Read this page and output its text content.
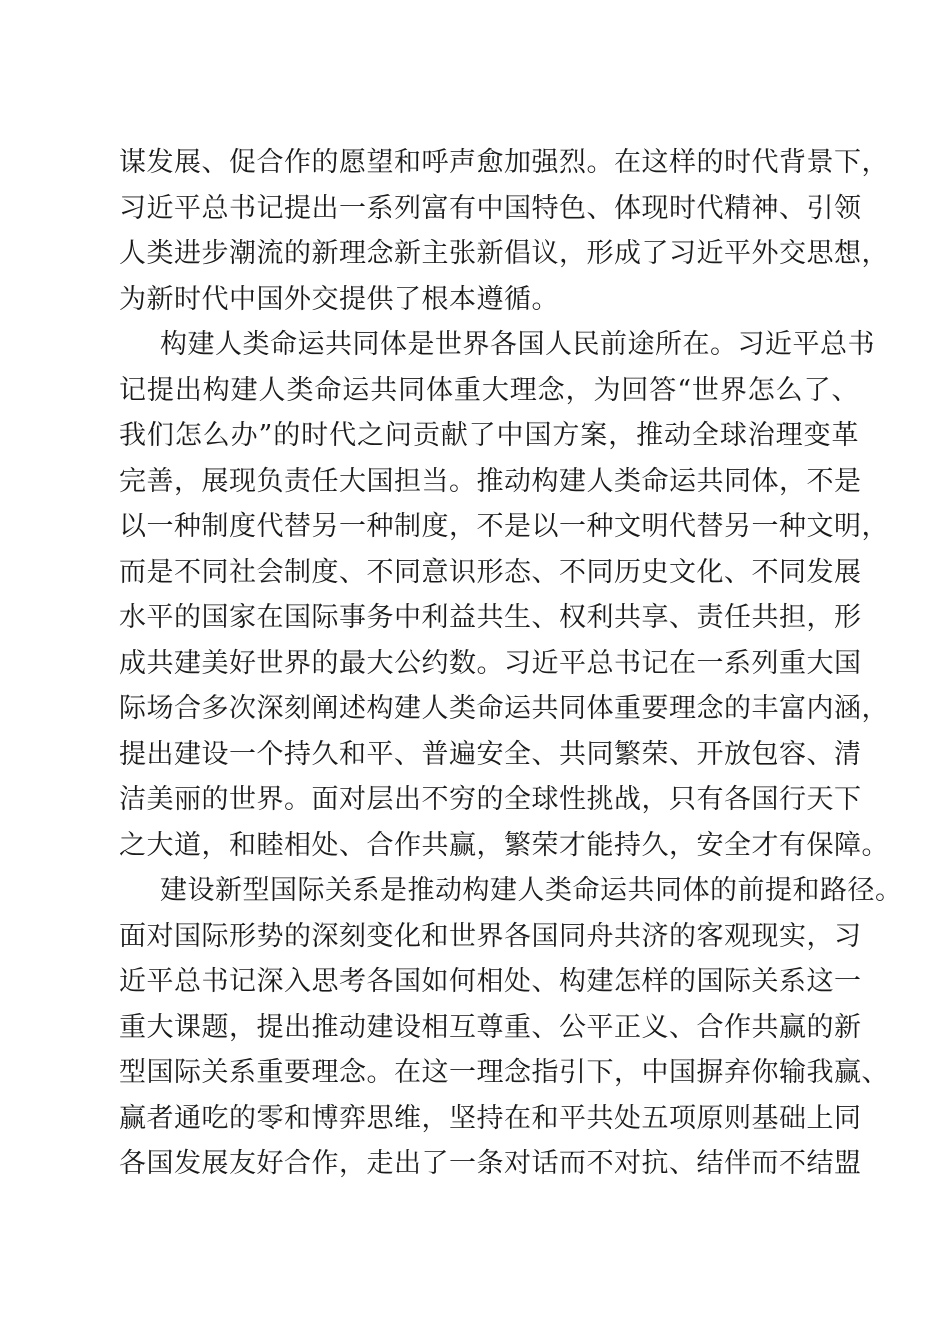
谋发展、促合作的愿望和呼声愈加强烈。在这样的时代背景下，
习近平总书记提出一系列富有中国特色、体现时代精神、引领
人类进步潮流的新理念新主张新倡议，形成了习近平外交思想，
为新时代中国外交提供了根本遵循。
构建人类命运共同体是世界各国人民前途所在。习近平总书
记提出构建人类命运共同体重大理念，为回答“世界怎么了、
我们怎么办”的时代之问贡献了中国方案，推动全球治理变革
完善，展现负责任大国担当。推动构建人类命运共同体，不是
以一种制度代替另一种制度，不是以一种文明代替另一种文明，
而是不同社会制度、不同意识形态、不同历史文化、不同发展
水平的国家在国际事务中利益共生、权利共享、责任共担，形
成共建美好世界的最大公约数。习近平总书记在一系列重大国
际场合多次深刻阐述构建人类命运共同体重要理念的丰富内涵，
提出建设一个持久和平、普遍安全、共同繁荣、开放包容、清
洁美丽的世界。面对层出不穷的全球性挑战，只有各国行天下
之大道，和睦相处、合作共赢，繁荣才能持久，安全才有保障。
建设新型国际关系是推动构建人类命运共同体的前提和路径。
面对国际形势的深刻变化和世界各国同舟共济的客观现实，习
近平总书记深入思考各国如何相处、构建怎样的国际关系这一
重大课题，提出推动建设相互尊重、公平正义、合作共赢的新
型国际关系重要理念。在这一理念指引下，中国摒弃你输我赢、
赢者通吃的零和博弈思维，坚持在和平共处五项原则基础上同
各国发展友好合作，走出了一条对话而不对抗、结伴而不结盟
